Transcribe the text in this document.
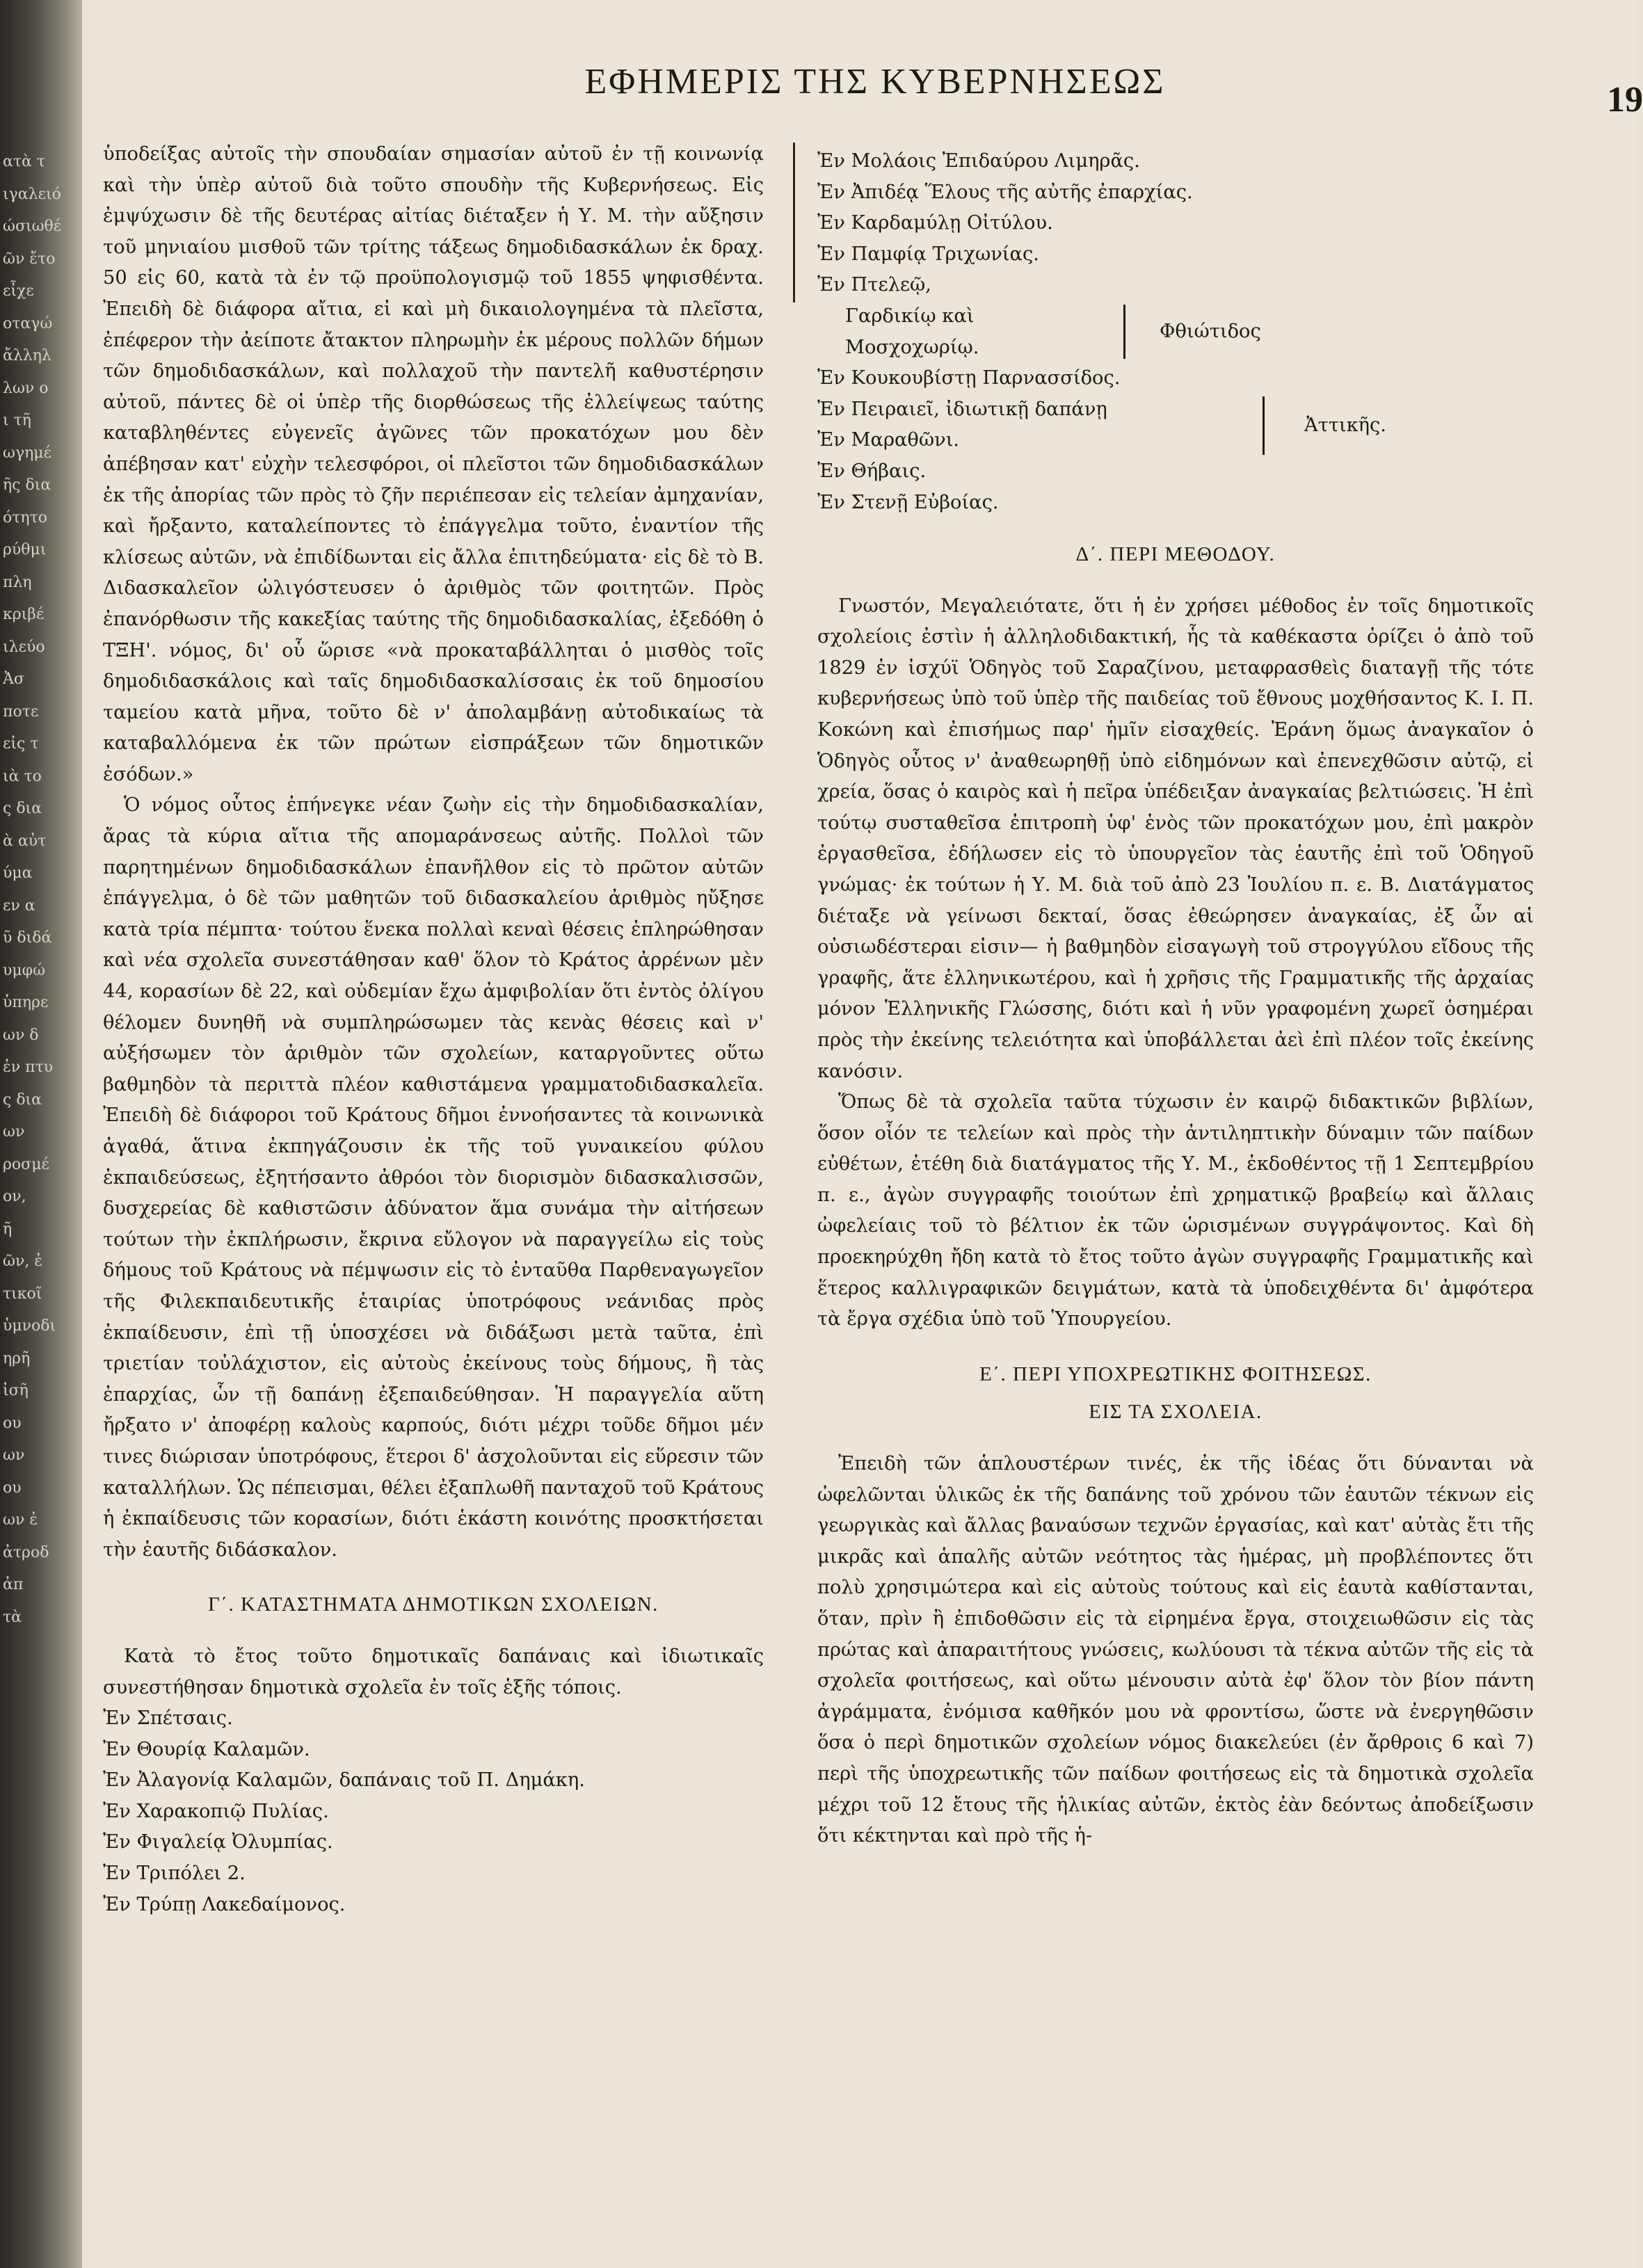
ατὰ τ
ιγαλειό
ώσιωθέ
ῶν ἔτο
εἶχε
οταγώ
ἄλληλ
λων ο
ι τῆ
ωγημέ
ῆς δια
ότητο
ρύθμι
πλη
κριβέ
ιλεύο
Ἀσ
ποτε
εἰς τ
ιὰ το
ς δια
ὰ αὐτ
ύμα
εν α
ῦ διδά
υμφώ
ὑπηρε
ων δ
ἐν πτυ
ς δια
ων
ροσμέ
ον,
ῆ
ῶν, ἐ
τικοῖ
ὑμνοδι
ηρῆ
ἰσῆ
ου
ων
ου
ων ἐ
ἀτροδ
ἀπ
τὰ
ΕΦΗΜΕΡΙΣ ΤΗΣ ΚΥΒΕΡΝΗΣΕΩΣ	19

ὑποδείξας αὐτοῖς τὴν σπουδαίαν σημασίαν αὐτοῦ ἐν τῇ κοινωνίᾳ καὶ τὴν ὑπὲρ αὐτοῦ διὰ τοῦτο σπουδὴν τῆς Κυβερνήσεως. Εἰς ἐμψύχωσιν δὲ τῆς δευτέρας αἰτίας διέταξεν ἡ Υ. Μ. τὴν αὔξησιν τοῦ μηνιαίου μισθοῦ τῶν τρίτης τάξεως δημοδιδασκάλων ἐκ δραχ. 50 εἰς 60, κατὰ τὰ ἐν τῷ προϋπολογισμῷ τοῦ 1855 ψηφισθέντα. Ἐπειδὴ δὲ διάφορα αἴτια, εἰ καὶ μὴ δικαιολογημένα τὰ πλεῖστα, ἐπέφερον τὴν ἀείποτε ἄτακτον πληρωμὴν ἐκ μέρους πολλῶν δήμων τῶν δημοδιδασκάλων, καὶ πολλαχοῦ τὴν παντελῆ καθυστέρησιν αὐτοῦ, πάντες δὲ οἱ ὑπὲρ τῆς διορθώσεως τῆς ἐλλείψεως ταύτης καταβληθέντες εὐγενεῖς ἀγῶνες τῶν προκατόχων μου δὲν ἀπέβησαν κατ' εὐχὴν τελεσφόροι, οἱ πλεῖστοι τῶν δημοδιδασκάλων ἐκ τῆς ἀπορίας τῶν πρὸς τὸ ζῆν περιέπεσαν εἰς τελείαν ἀμηχανίαν, καὶ ἤρξαντο, καταλείποντες τὸ ἐπάγγελμα τοῦτο, ἐναντίον τῆς κλίσεως αὐτῶν, νὰ ἐπιδίδωνται εἰς ἄλλα ἐπιτηδεύματα· εἰς δὲ τὸ Β. Διδασκαλεῖον ὠλιγόστευσεν ὁ ἀριθμὸς τῶν φοιτητῶν. Πρὸς ἐπανόρθωσιν τῆς κακεξίας ταύτης τῆς δημοδιδασκαλίας, ἐξεδόθη ὁ ΤΞΗ'. νόμος, δι' οὗ ὥρισε «νὰ προκαταβάλληται ὁ μισθὸς τοῖς δημοδιδασκάλοις καὶ ταῖς δημοδιδασκαλίσσαις ἐκ τοῦ δημοσίου ταμείου κατὰ μῆνα, τοῦτο δὲ ν' ἀπολαμβάνῃ αὐτοδικαίως τὰ καταβαλλόμενα ἐκ τῶν πρώτων εἰσπράξεων τῶν δημοτικῶν ἐσόδων.»

Ὁ νόμος οὗτος ἐπήνεγκε νέαν ζωὴν εἰς τὴν δημοδιδασκαλίαν, ἄρας τὰ κύρια αἴτια τῆς απομαράνσεως αὐτῆς. Πολλοὶ τῶν παρητημένων δημοδιδασκάλων ἐπανῆλθον εἰς τὸ πρῶτον αὐτῶν ἐπάγγελμα, ὁ δὲ τῶν μαθητῶν τοῦ διδασκαλείου ἀριθμὸς ηὔξησε κατὰ τρία πέμπτα· τούτου ἕνεκα πολλαὶ κεναὶ θέσεις ἐπληρώθησαν καὶ νέα σχολεῖα συνεστάθησαν καθ' ὅλον τὸ Κράτος ἀρρένων μὲν 44, κορασίων δὲ 22, καὶ οὐδεμίαν ἔχω ἀμφιβολίαν ὅτι ἐντὸς ὀλίγου θέλομεν δυνηθῆ νὰ συμπληρώσωμεν τὰς κενὰς θέσεις καὶ ν' αὐξήσωμεν τὸν ἀριθμὸν τῶν σχολείων, καταργοῦντες οὕτω βαθμηδὸν τὰ περιττὰ πλέον καθιστάμενα γραμματοδιδασκαλεῖα. Ἐπειδὴ δὲ διάφοροι τοῦ Κράτους δῆμοι ἐννοήσαντες τὰ κοινωνικὰ ἀγαθά, ἅτινα ἐκπηγάζουσιν ἐκ τῆς τοῦ γυναικείου φύλου ἐκπαιδεύσεως, ἐξητήσαντο ἀθρόοι τὸν διορισμὸν διδασκαλισσῶν, δυσχερείας δὲ καθιστῶσιν ἀδύνατον ἅμα συνάμα τὴν αἰτήσεων τούτων τὴν ἐκπλήρωσιν, ἔκρινα εὔλογον νὰ παραγγείλω εἰς τοὺς δήμους τοῦ Κράτους νὰ πέμψωσιν εἰς τὸ ἐνταῦθα Παρθεναγωγεῖον τῆς Φιλεκπαιδευτικῆς ἑταιρίας ὑποτρόφους νεάνιδας πρὸς ἐκπαίδευσιν, ἐπὶ τῇ ὑποσχέσει νὰ διδάξωσι μετὰ ταῦτα, ἐπὶ τριετίαν τοὐλάχιστον, εἰς αὐτοὺς ἐκείνους τοὺς δήμους, ἢ τὰς ἐπαρχίας, ὧν τῇ δαπάνῃ ἐξεπαιδεύθησαν. Ἡ παραγγελία αὕτη ἤρξατο ν' ἀποφέρῃ καλοὺς καρπούς, διότι μέχρι τοῦδε δῆμοι μέν τινες διώρισαν ὑποτρόφους, ἕτεροι δ' ἀσχολοῦνται εἰς εὕρεσιν τῶν καταλλήλων. Ὡς πέπεισμαι, θέλει ἐξαπλωθῆ πανταχοῦ τοῦ Κράτους ἡ ἐκπαίδευσις τῶν κορασίων, διότι ἑκάστη κοινότης προσκτήσεται τὴν ἑαυτῆς διδάσκαλον.

Γ΄. ΚΑΤΑΣΤΗΜΑΤΑ ΔΗΜΟΤΙΚΩΝ ΣΧΟΛΕΙΩΝ.

Κατὰ τὸ ἔτος τοῦτο δημοτικαῖς δαπάναις καὶ ἰδιωτικαῖς συνεστήθησαν δημοτικὰ σχολεῖα ἐν τοῖς ἑξῆς τόποις.

Ἐν Σπέτσαις.
Ἐν Θουρίᾳ Καλαμῶν.
Ἐν Ἀλαγονίᾳ Καλαμῶν, δαπάναις τοῦ Π. Δημάκη.
Ἐν Χαρακοπιῷ Πυλίας.
Ἐν Φιγαλείᾳ Ὀλυμπίας.
Ἐν Τριπόλει 2.
Ἐν Τρύπῃ Λακεδαίμονος.
Ἐν Μολάοις Ἐπιδαύρου Λιμηρᾶς.
Ἐν Ἀπιδέᾳ Ἕλους τῆς αὐτῆς ἐπαρχίας.
Ἐν Καρδαμύλῃ Οἰτύλου.
Ἐν Παμφίᾳ Τριχωνίας.
Ἐν Πτελεῷ,
Γαρδικίῳ καὶ
Μοσχοχωρίῳ.
Φθιώτιδος
Ἐν Κουκουβίστῃ Παρνασσίδος.
Ἐν Πειραιεῖ, ἰδιωτικῇ δαπάνῃ
Ἐν Μαραθῶνι.
Ἀττικῆς.
Ἐν Θήβαις.
Ἐν Στενῇ Εὐβοίας.
Δ΄. ΠΕΡΙ ΜΕΘΟΔΟΥ.

Γνωστόν, Μεγαλειότατε, ὅτι ἡ ἐν χρήσει μέθοδος ἐν τοῖς δημοτικοῖς σχολείοις ἐστὶν ἡ ἀλληλοδιδακτική, ἧς τὰ καθέκαστα ὁρίζει ὁ ἀπὸ τοῦ 1829 ἐν ἰσχύϊ Ὁδηγὸς τοῦ Σαραζίνου, μεταφρασθεὶς διαταγῇ τῆς τότε κυβερνήσεως ὑπὸ τοῦ ὑπὲρ τῆς παιδείας τοῦ ἔθνους μοχθήσαντος Κ. Ι. Π. Κοκώνη καὶ ἐπισήμως παρ' ἡμῖν εἰσαχθείς. Ἐράνη ὅμως ἀναγκαῖον ὁ Ὁδηγὸς οὗτος ν' ἀναθεωρηθῇ ὑπὸ εἰδημόνων καὶ ἐπενεχθῶσιν αὐτῷ, εἰ χρεία, ὅσας ὁ καιρὸς καὶ ἡ πεῖρα ὑπέδειξαν ἀναγκαίας βελτιώσεις. Ἡ ἐπὶ τούτῳ συσταθεῖσα ἐπιτροπὴ ὑφ' ἑνὸς τῶν προκατόχων μου, ἐπὶ μακρὸν ἐργασθεῖσα, ἐδήλωσεν εἰς τὸ ὑπουργεῖον τὰς ἑαυτῆς ἐπὶ τοῦ Ὁδηγοῦ γνώμας· ἐκ τούτων ἡ Υ. Μ. διὰ τοῦ ἀπὸ 23 Ἰουλίου π. ε. Β. Διατάγματος διέταξε νὰ γείνωσι δεκταί, ὅσας ἐθεώρησεν ἀναγκαίας, ἐξ ὧν αἱ οὐσιωδέστεραι εἰσιν— ἡ βαθμηδὸν εἰσαγωγὴ τοῦ στρογγύλου εἴδους τῆς γραφῆς, ἅτε ἑλληνικωτέρου, καὶ ἡ χρῆσις τῆς Γραμματικῆς τῆς ἀρχαίας μόνον Ἑλληνικῆς Γλώσσης, διότι καὶ ἡ νῦν γραφομένη χωρεῖ ὁσημέραι πρὸς τὴν ἐκείνης τελειότητα καὶ ὑποβάλλεται ἀεὶ ἐπὶ πλέον τοῖς ἐκείνης κανόσιν.

Ὅπως δὲ τὰ σχολεῖα ταῦτα τύχωσιν ἐν καιρῷ διδακτικῶν βιβλίων, ὅσον οἷόν τε τελείων καὶ πρὸς τὴν ἀντιληπτικὴν δύναμιν τῶν παίδων εὐθέτων, ἐτέθη διὰ διατάγματος τῆς Υ. Μ., ἐκδοθέντος τῇ 1 Σεπτεμβρίου π. ε., ἀγὼν συγγραφῆς τοιούτων ἐπὶ χρηματικῷ βραβείῳ καὶ ἄλλαις ὠφελείαις τοῦ τὸ βέλτιον ἐκ τῶν ὡρισμένων συγγράψοντος. Καὶ δὴ προεκηρύχθη ἤδη κατὰ τὸ ἔτος τοῦτο ἀγὼν συγγραφῆς Γραμματικῆς καὶ ἕτερος καλλιγραφικῶν δειγμάτων, κατὰ τὰ ὑποδειχθέντα δι' ἀμφότερα τὰ ἔργα σχέδια ὑπὸ τοῦ Ὑπουργείου.

Ε΄. ΠΕΡΙ ΥΠΟΧΡΕΩΤΙΚΗΣ ΦΟΙΤΗΣΕΩΣ.
ΕΙΣ ΤΑ ΣΧΟΛΕΙΑ.

Ἐπειδὴ τῶν ἁπλουστέρων τινές, ἐκ τῆς ἰδέας ὅτι δύνανται νὰ ὠφελῶνται ὑλικῶς ἐκ τῆς δαπάνης τοῦ χρόνου τῶν ἑαυτῶν τέκνων εἰς γεωργικὰς καὶ ἄλλας βαναύσων τεχνῶν ἐργασίας, καὶ κατ' αὐτὰς ἔτι τῆς μικρᾶς καὶ ἁπαλῆς αὐτῶν νεότητος τὰς ἡμέρας, μὴ προβλέποντες ὅτι πολὺ χρησιμώτερα καὶ εἰς αὐτοὺς τούτους καὶ εἰς ἑαυτὰ καθίστανται, ὅταν, πρὶν ἢ ἐπιδοθῶσιν εἰς τὰ εἰρημένα ἔργα, στοιχειωθῶσιν εἰς τὰς πρώτας καὶ ἀπαραιτήτους γνώσεις, κωλύουσι τὰ τέκνα αὐτῶν τῆς εἰς τὰ σχολεῖα φοιτήσεως, καὶ οὕτω μένουσιν αὐτὰ ἐφ' ὅλον τὸν βίον πάντη ἀγράμματα, ἐνόμισα καθῆκόν μου νὰ φροντίσω, ὥστε νὰ ἐνεργηθῶσιν ὅσα ὁ περὶ δημοτικῶν σχολείων νόμος διακελεύει (ἐν ἄρθροις 6 καὶ 7) περὶ τῆς ὑποχρεωτικῆς τῶν παίδων φοιτήσεως εἰς τὰ δημοτικὰ σχολεῖα μέχρι τοῦ 12 ἔτους τῆς ἡλικίας αὐτῶν, ἐκτὸς ἐὰν δεόντως ἀποδείξωσιν ὅτι κέκτηνται καὶ πρὸ τῆς ἡ-
